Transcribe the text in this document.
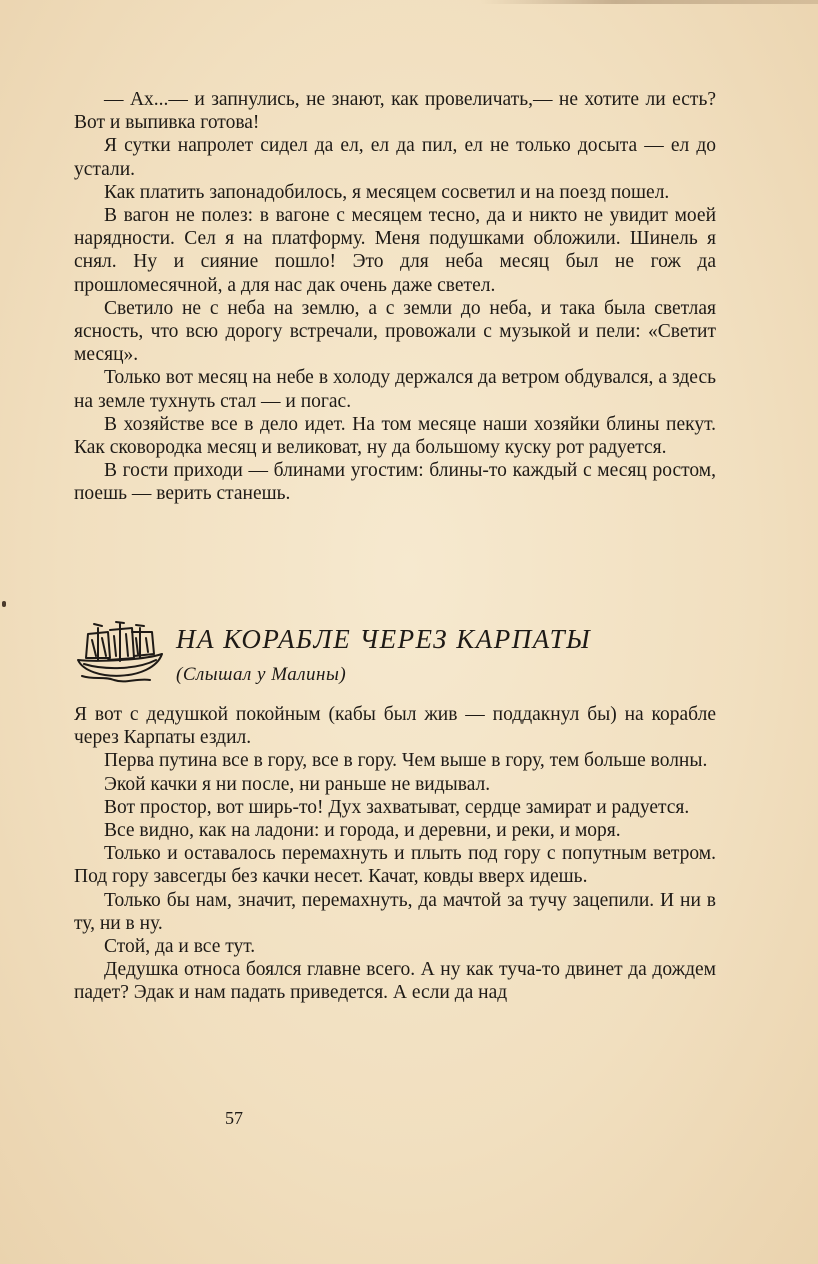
— Ах...— и запнулись, не знают, как провеличать,— не хотите ли есть? Вот и выпивка готова!

Я сутки напролет сидел да ел, ел да пил, ел не только досыта — ел до устали.

Как платить запонадобилось, я месяцем сосветил и на поезд пошел.

В вагон не полез: в вагоне с месяцем тесно, да и никто не увидит моей нарядности. Сел я на платформу. Меня подушками обложили. Шинель я снял. Ну и сияние пошло! Это для неба месяц был не гож да прошломесячной, а для нас дак очень даже светел.

Светило не с неба на землю, а с земли до неба, и така была светлая ясность, что всю дорогу встречали, провожали с музыкой и пели: «Светит месяц».

Только вот месяц на небе в холоду держался да ветром обдувался, а здесь на земле тухнуть стал — и погас.

В хозяйстве все в дело идет. На том месяце наши хозяйки блины пекут. Как сковородка месяц и великоват, ну да большому куску рот радуется.

В гости приходи — блинами угостим: блины-то каждый с месяц ростом, поешь — верить станешь.

НА КОРАБЛЕ ЧЕРЕЗ КАРПАТЫ
(Слышал у Малины)

Я вот с дедушкой покойным (кабы был жив — поддакнул бы) на корабле через Карпаты ездил.

Перва путина все в гору, все в гору. Чем выше в гору, тем больше волны.

Экой качки я ни после, ни раньше не видывал.

Вот простор, вот ширь-то! Дух захватыват, сердце замират и радуется.

Все видно, как на ладони: и города, и деревни, и реки, и моря.

Только и оставалось перемахнуть и плыть под гору с попутным ветром. Под гору завсегды без качки несет. Качат, ковды вверх идешь.

Только бы нам, значит, перемахнуть, да мачтой за тучу зацепили. И ни в ту, ни в ну.

Стой, да и все тут.

Дедушка относа боялся главне всего. А ну как туча-то двинет да дождем падет? Эдак и нам падать приведется. А если да над

57
